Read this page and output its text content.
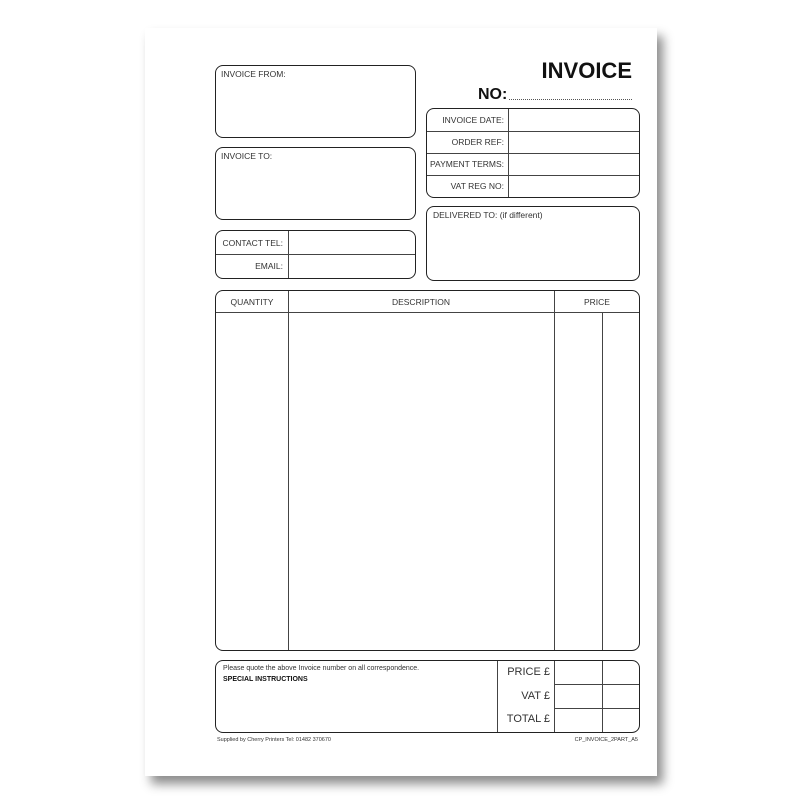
INVOICE
NO:
INVOICE FROM:
INVOICE TO:
CONTACT TEL:
EMAIL:
INVOICE DATE:
ORDER REF:
PAYMENT TERMS:
VAT REG NO:
DELIVERED TO: (if different)
QUANTITY	DESCRIPTION	PRICE
Please quote the above Invoice number on all correspondence.
SPECIAL INSTRUCTIONS
PRICE £
VAT £
TOTAL £
Supplied by Cherry Printers Tel: 01482 370670	CP_INVOICE_2PART_A5
